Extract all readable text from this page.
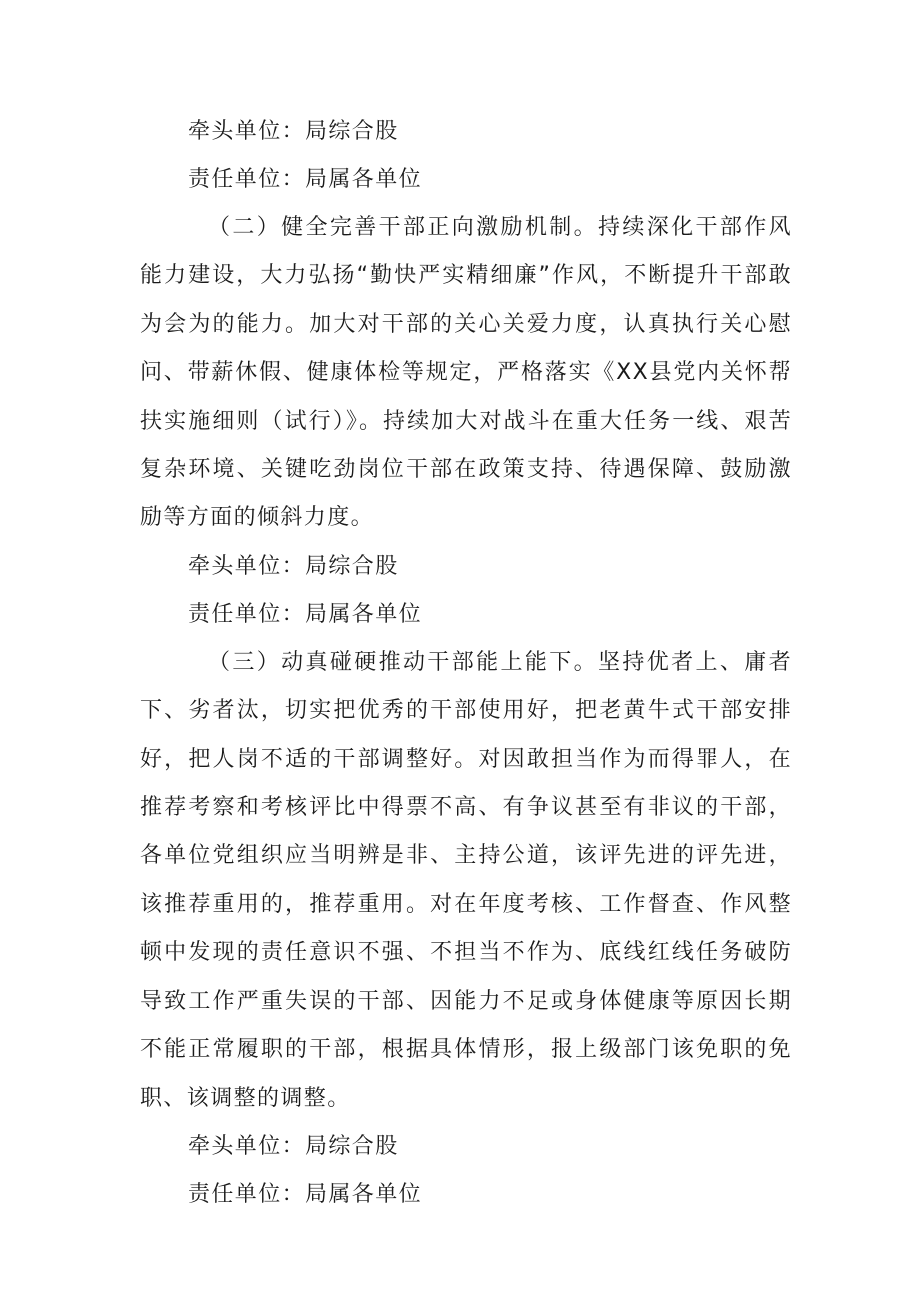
牵头单位：局综合股

责任单位：局属各单位

（二）健全完善干部正向激励机制。持续深化干部作风能力建设，大力弘扬“勤快严实精细廉”作风，不断提升干部敢为会为的能力。加大对干部的关心关爱力度，认真执行关心慰问、带薪休假、健康体检等规定，严格落实《XX县党内关怀帮扶实施细则（试行）》。持续加大对战斗在重大任务一线、艰苦复杂环境、关键吃劲岗位干部在政策支持、待遇保障、鼓励激励等方面的倾斜力度。

牵头单位：局综合股

责任单位：局属各单位

（三）动真碰硬推动干部能上能下。坚持优者上、庸者下、劣者汰，切实把优秀的干部使用好，把老黄牛式干部安排好，把人岗不适的干部调整好。对因敢担当作为而得罪人，在推荐考察和考核评比中得票不高、有争议甚至有非议的干部，各单位党组织应当明辨是非、主持公道，该评先进的评先进，该推荐重用的，推荐重用。对在年度考核、工作督查、作风整顿中发现的责任意识不强、不担当不作为、底线红线任务破防导致工作严重失误的干部、因能力不足或身体健康等原因长期不能正常履职的干部，根据具体情形，报上级部门该免职的免职、该调整的调整。

牵头单位：局综合股

责任单位：局属各单位
